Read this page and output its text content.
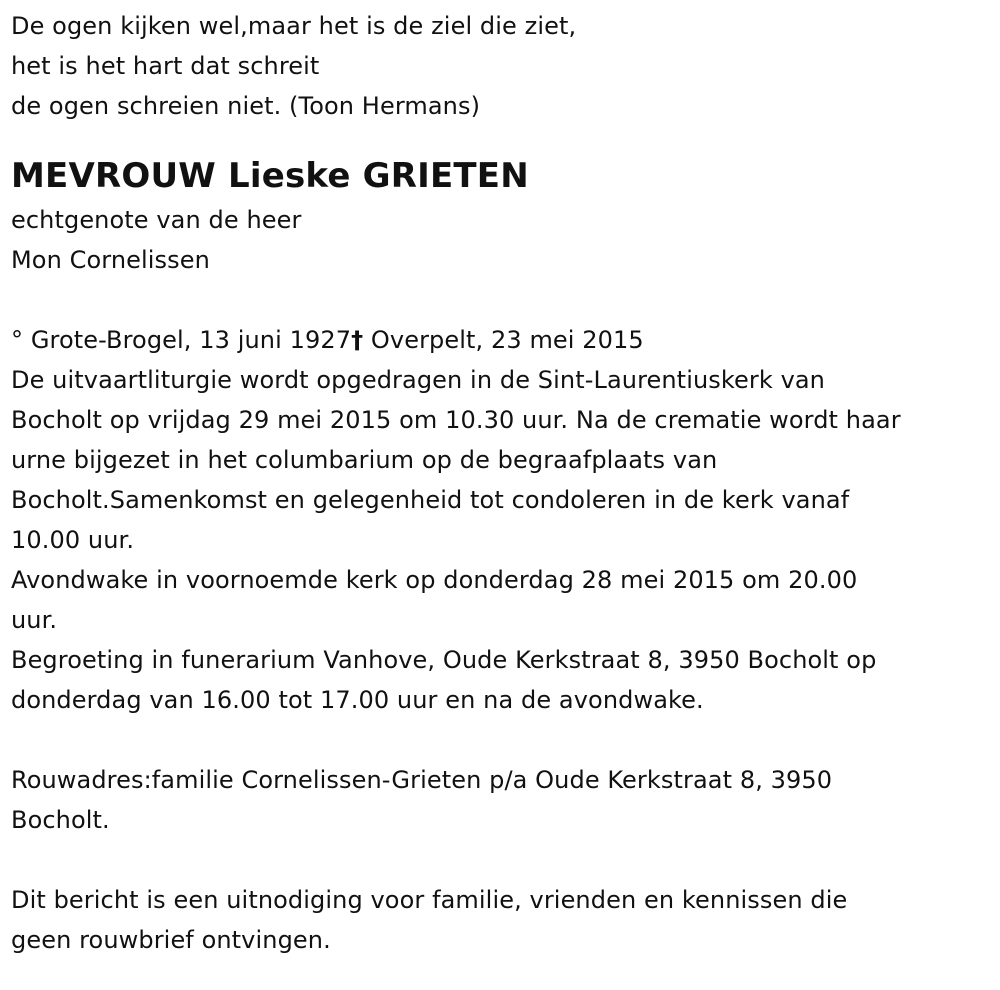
De ogen kijken wel,maar het is de ziel die ziet,
het is het hart dat schreit
de ogen schreien niet. (Toon Hermans)
MEVROUW Lieske GRIETEN
echtgenote van de heer
Mon Cornelissen
° Grote-Brogel, 13 juni 1927† Overpelt, 23 mei 2015
De uitvaartliturgie wordt opgedragen in de Sint-Laurentiuskerk van
Bocholt op vrijdag 29 mei 2015 om 10.30 uur. Na de crematie wordt haar
urne bijgezet in het columbarium op de begraafplaats van
Bocholt.Samenkomst en gelegenheid tot condoleren in de kerk vanaf
10.00 uur.
Avondwake in voornoemde kerk op donderdag 28 mei 2015 om 20.00
uur.
Begroeting in funerarium Vanhove, Oude Kerkstraat 8, 3950 Bocholt op
donderdag van 16.00 tot 17.00 uur en na de avondwake.
Rouwadres:familie Cornelissen-Grieten p/a Oude Kerkstraat 8, 3950
Bocholt.
Dit bericht is een uitnodiging voor familie, vrienden en kennissen die
geen rouwbrief ontvingen.
